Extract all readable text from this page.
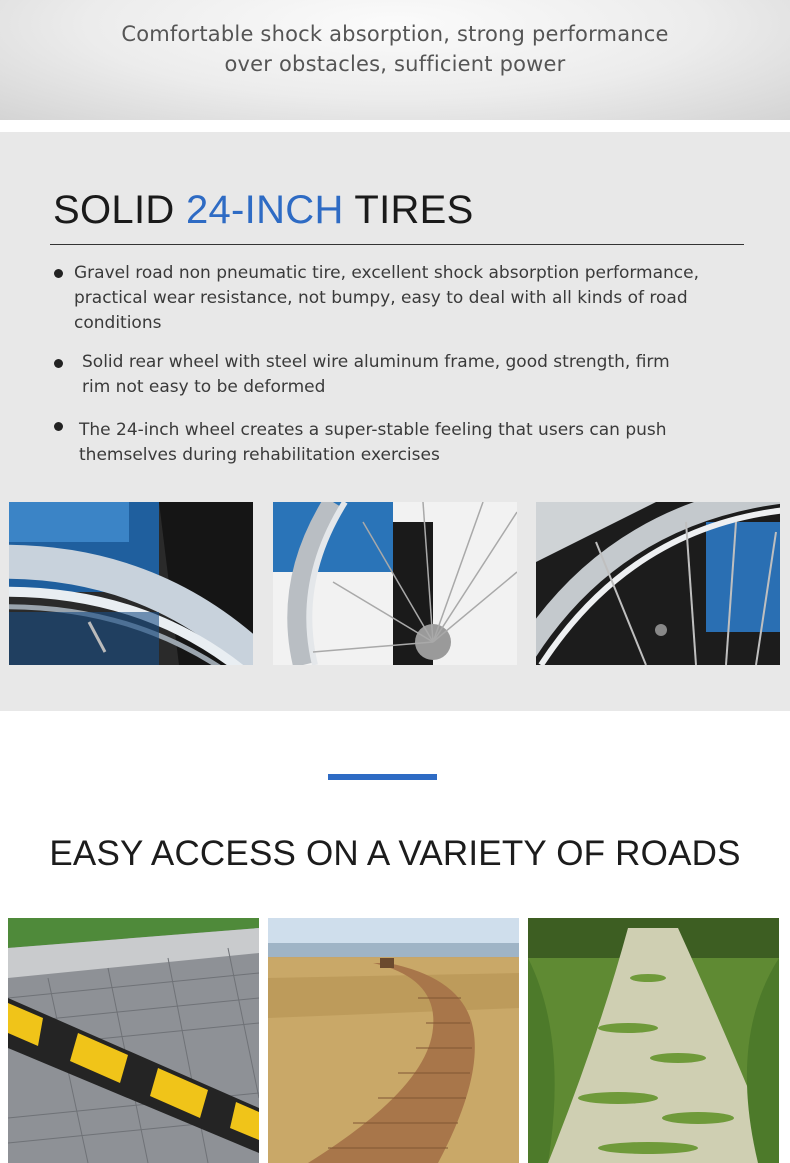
Comfortable shock absorption, strong performance
over obstacles, sufficient power
SOLID 24-INCH TIRES
Gravel road non pneumatic tire, excellent shock absorption performance, practical wear resistance, not bumpy, easy to deal with all kinds of road conditions
Solid rear wheel with steel wire aluminum frame, good strength, firm rim not easy to be deformed
The 24-inch wheel creates a super-stable feeling that users can push themselves during rehabilitation exercises
EASY ACCESS ON A VARIETY OF ROADS
